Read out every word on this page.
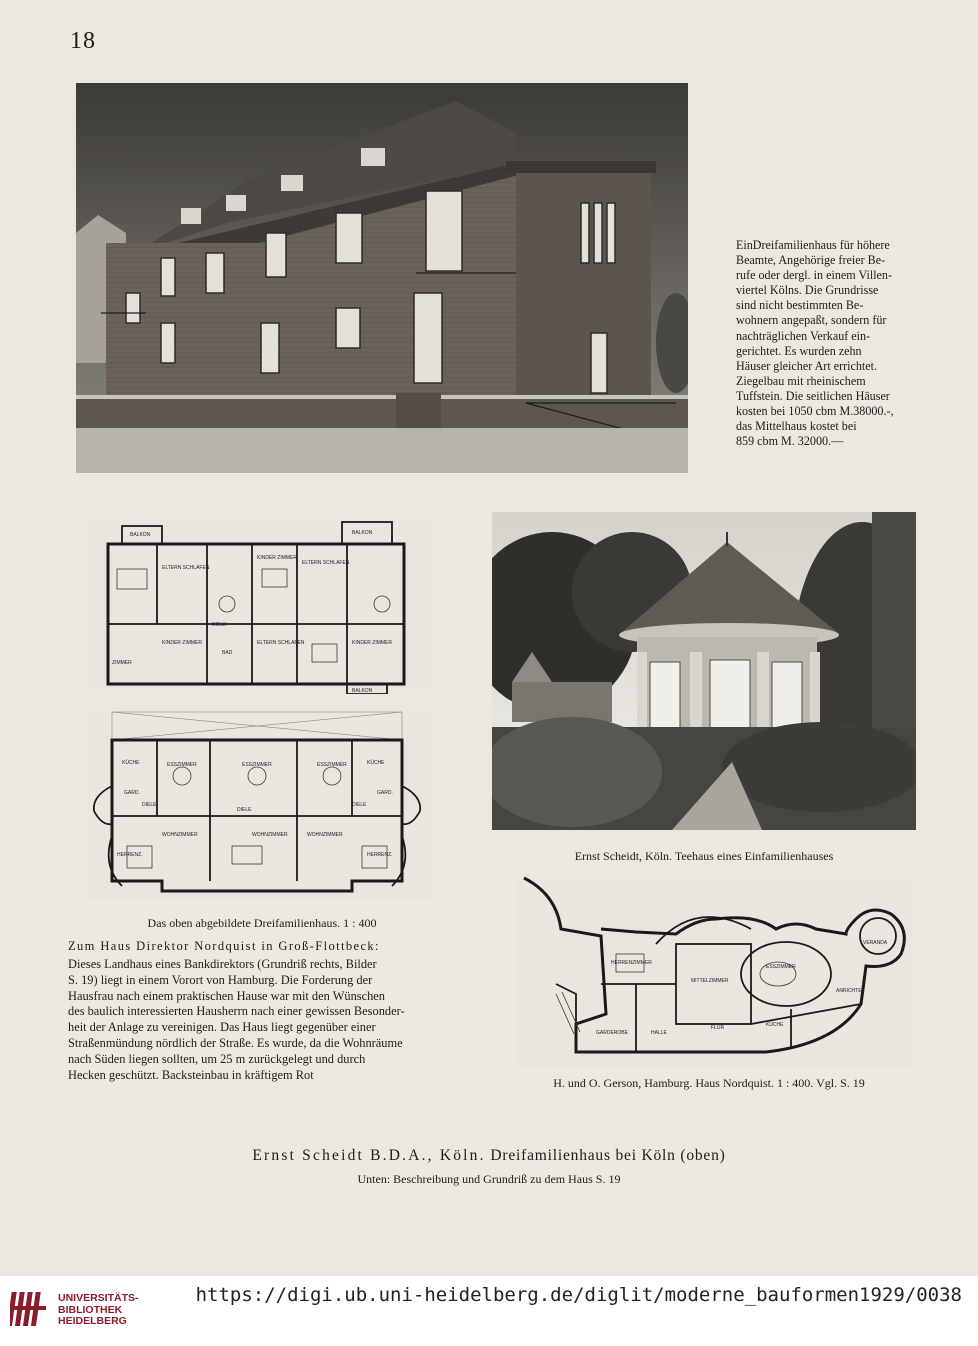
18
EinDreifamilienhaus für höhere
Beamte, Angehörige freier Be-
rufe oder dergl. in einem Villen-
viertel Kölns. Die Grundrisse
sind nicht bestimmten Be-
wohnern angepaßt, sondern für
nachträglichen Verkauf ein-
gerichtet. Es wurden zehn
Häuser gleicher Art errichtet.
Ziegelbau mit rheinischem
Tuffstein. Die seitlichen Häuser
kosten bei 1050 cbm M.38000.-,
das Mittelhaus kostet bei
859 cbm M. 32000.—
BALKON	BALKON
BALKON
ELTERN SCHLAFEN
KINDER ZIMMER
ZIMMER
KINDER ZIMMER
BAD
ELTERN SCHLAFEN
DIELE
KINDER ZIMMER
ELTERN SCHLAFEN
KÜCHE	KÜCHE
ESSZIMMER	ESSZIMMER	ESSZIMMER
WOHNZIMMER	WOHNZIMMER	WOHNZIMMER
HERRENZ.	HERRENZ.
DIELE
DIELE	DIELE
GARD.	GARD.
Das oben abgebildete Dreifamilienhaus. 1 : 400
Ernst Scheidt, Köln. Teehaus eines Einfamilienhauses
HERRENZIMMER
MITTELZIMMER
ESSZIMMER
VERANDA
GARDEROBE	HALLE
FLUR	KÜCHE
ANRICHTE
Zum Haus Direktor Nordquist in Groß-Flottbeck:
Dieses Landhaus eines Bankdirektors (Grundriß rechts, Bilder
S. 19) liegt in einem Vorort von Hamburg. Die Forderung der
Hausfrau nach einem praktischen Hause war mit den Wünschen
des baulich interessierten Hausherrn nach einer gewissen Besonder-
heit der Anlage zu vereinigen. Das Haus liegt gegenüber einer
Straßenmündung nördlich der Straße. Es wurde, da die Wohnräume
nach Süden liegen sollten, um 25 m zurückgelegt und durch
Hecken geschützt. Backsteinbau in kräftigem Rot
H. und O. Gerson, Hamburg. Haus Nordquist. 1 : 400. Vgl. S. 19
Ernst Scheidt B.D.A., Köln. Dreifamilienhaus bei Köln (oben)
Unten: Beschreibung und Grundriß zu dem Haus S. 19
UNIVERSITÄTS-
BIBLIOTHEK
HEIDELBERG
https://digi.ub.uni-heidelberg.de/diglit/moderne_bauformen1929/0038
